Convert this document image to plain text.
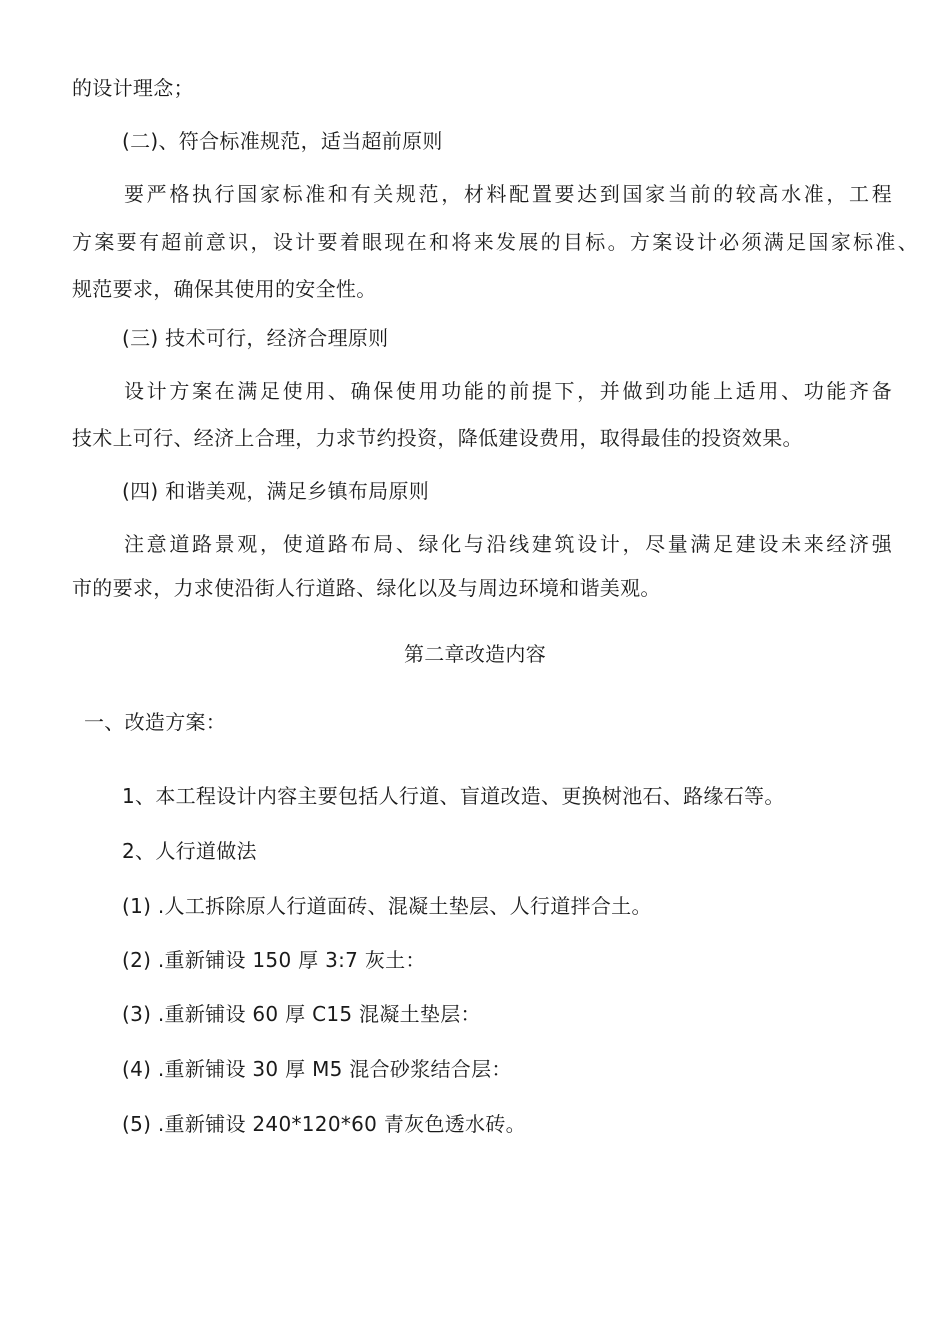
的设计理念；
(二)、符合标准规范，适当超前原则
要严格执行国家标准和有关规范，材料配置要达到国家当前的较高水准，工程
方案要有超前意识，设计要着眼现在和将来发展的目标。方案设计必须满足国家标准、
规范要求，确保其使用的安全性。
(三) 技术可行，经济合理原则
设计方案在满足使用、确保使用功能的前提下，并做到功能上适用、功能齐备
技术上可行、经济上合理，力求节约投资，降低建设费用，取得最佳的投资效果。
(四) 和谐美观，满足乡镇布局原则
注意道路景观，使道路布局、绿化与沿线建筑设计，尽量满足建设未来经济强
市的要求，力求使沿街人行道路、绿化以及与周边环境和谐美观。
第二章改造内容
一、改造方案：
1、本工程设计内容主要包括人行道、盲道改造、更换树池石、路缘石等。
2、人行道做法
(1) .人工拆除原人行道面砖、混凝土垫层、人行道拌合土。
(2) .重新铺设 150 厚 3:7 灰土：
(3) .重新铺设 60 厚 C15 混凝土垫层：
(4) .重新铺设 30 厚 M5 混合砂浆结合层：
(5) .重新铺设 240*120*60 青灰色透水砖。
